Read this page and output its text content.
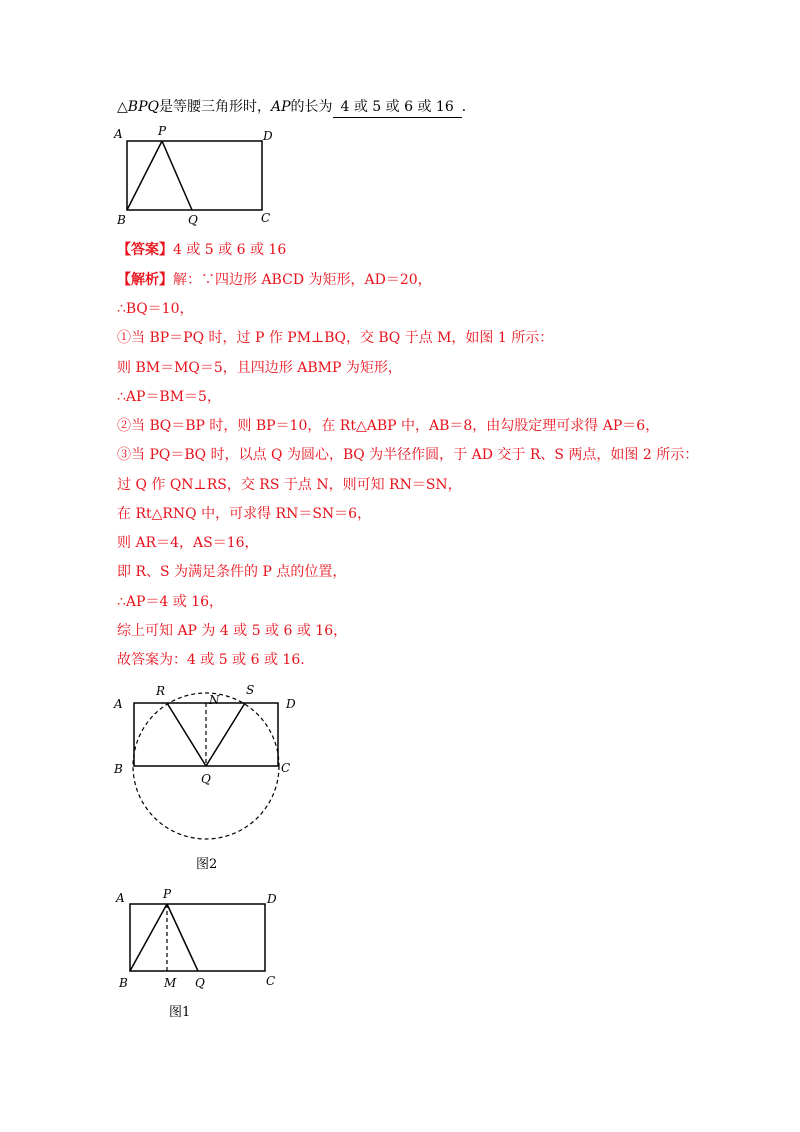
△BPQ是等腰三角形时，AP的长为 4 或 5 或 6 或 16 ．
A	P	D
B	Q	C
【答案】4 或 5 或 6 或 16
【解析】解：∵四边形 ABCD 为矩形，AD＝20，
∴BQ＝10，
①当 BP＝PQ 时，过 P 作 PM⊥BQ，交 BQ 于点 M，如图 1 所示：
则 BM＝MQ＝5，且四边形 ABMP 为矩形，
∴AP＝BM＝5，
②当 BQ＝BP 时，则 BP＝10，在 Rt△ABP 中，AB＝8，由勾股定理可求得 AP＝6，
③当 PQ＝BQ 时，以点 Q 为圆心，BQ 为半径作圆，于 AD 交于 R、S 两点，如图 2 所示：
过 Q 作 QN⊥RS，交 RS 于点 N，则可知 RN＝SN，
在 Rt△RNQ 中，可求得 RN＝SN＝6，
则 AR＝4，AS＝16，
即 R、S 为满足条件的 P 点的位置，
∴AP＝4 或 16，
综上可知 AP 为 4 或 5 或 6 或 16，
故答案为：4 或 5 或 6 或 16.
A
R
N
S
D
B
Q
C
图2
A	P	D
B	M Q	C
图1
